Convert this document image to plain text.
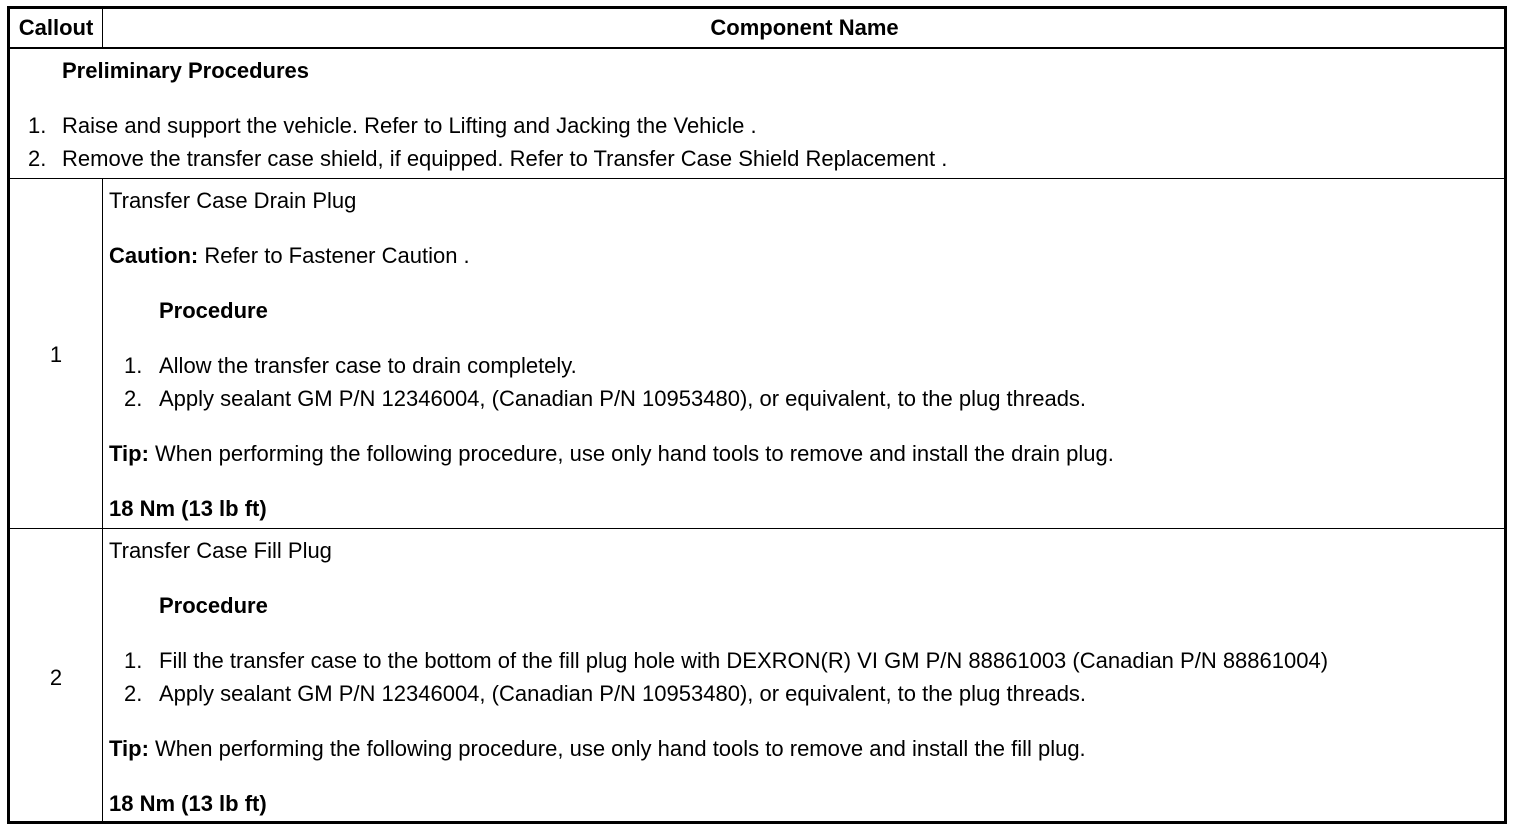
Callout	Component Name
Preliminary Procedures
1. Raise and support the vehicle. Refer to Lifting and Jacking the Vehicle .
2. Remove the transfer case shield, if equipped. Refer to Transfer Case Shield Replacement .
1
Transfer Case Drain Plug
Caution: Refer to Fastener Caution .
Procedure
1. Allow the transfer case to drain completely.
2. Apply sealant GM P/N 12346004, (Canadian P/N 10953480), or equivalent, to the plug threads.
Tip: When performing the following procedure, use only hand tools to remove and install the drain plug.
18 Nm (13 lb ft)
2
Transfer Case Fill Plug
Procedure
1. Fill the transfer case to the bottom of the fill plug hole with DEXRON(R) VI GM P/N 88861003 (Canadian P/N 88861004)
2. Apply sealant GM P/N 12346004, (Canadian P/N 10953480), or equivalent, to the plug threads.
Tip: When performing the following procedure, use only hand tools to remove and install the fill plug.
18 Nm (13 lb ft)
